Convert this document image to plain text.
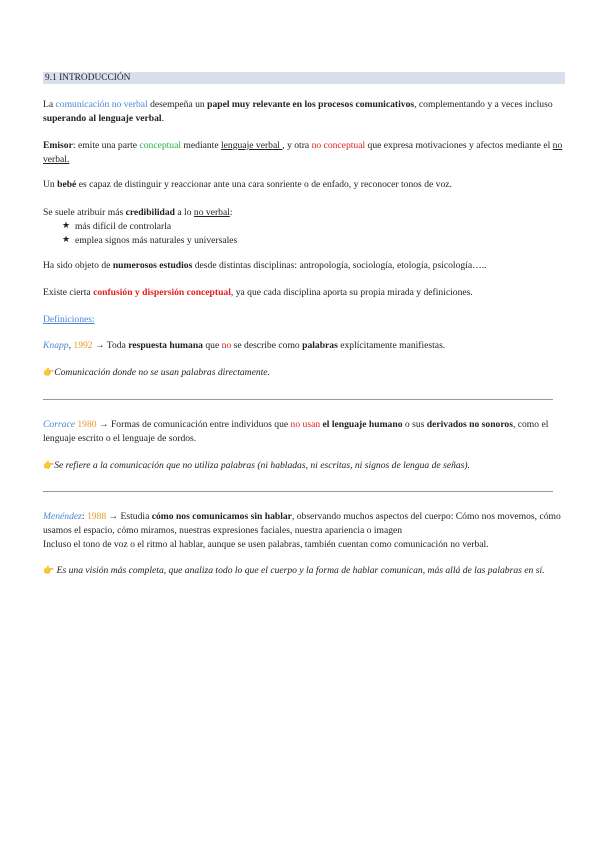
9.1 INTRODUCCIÓN

La comunicación no verbal desempeña un papel muy relevante en los procesos comunicativos, complementando y a veces incluso superando al lenguaje verbal.

Emisor: emite una parte conceptual mediante lenguaje verbal , y otra no conceptual que expresa motivaciones y afectos mediante el no verbal.

Un bebé es capaz de distinguir y reaccionar ante una cara sonriente o de enfado, y reconocer tonos de voz.

Se suele atribuir más credibilidad a lo no verbal:
★ más difícil de controlarla
★ emplea signos más naturales y universales

Ha sido objeto de numerosos estudios desde distintas disciplinas: antropología, sociología, etología, psicología…..

Existe cierta confusión y dispersión conceptual, ya que cada disciplina aporta su propia mirada y definiciones.

Definiciones:

Knapp, 1992 → Toda respuesta humana que no se describe como palabras explícitamente manifiestas.

👉Comunicación donde no se usan palabras directamente.

Corrace 1980 → Formas de comunicación entre individuos que no usan el lenguaje humano o sus derivados no sonoros, como el lenguaje escrito o el lenguaje de sordos.

👉Se refiere a la comunicación que no utiliza palabras (ni habladas, ni escritas, ni signos de lengua de señas).

Menéndez: 1988 → Estudia cómo nos comunicamos sin hablar, observando muchos aspectos del cuerpo: Cómo nos movemos, cómo usamos el espacio, cómo miramos, nuestras expresiones faciales, nuestra apariencia o imagen
Incluso el tono de voz o el ritmo al hablar, aunque se usen palabras, también cuentan como comunicación no verbal.

👉 Es una visión más completa, que analiza todo lo que el cuerpo y la forma de hablar comunican, más allá de las palabras en sí.
